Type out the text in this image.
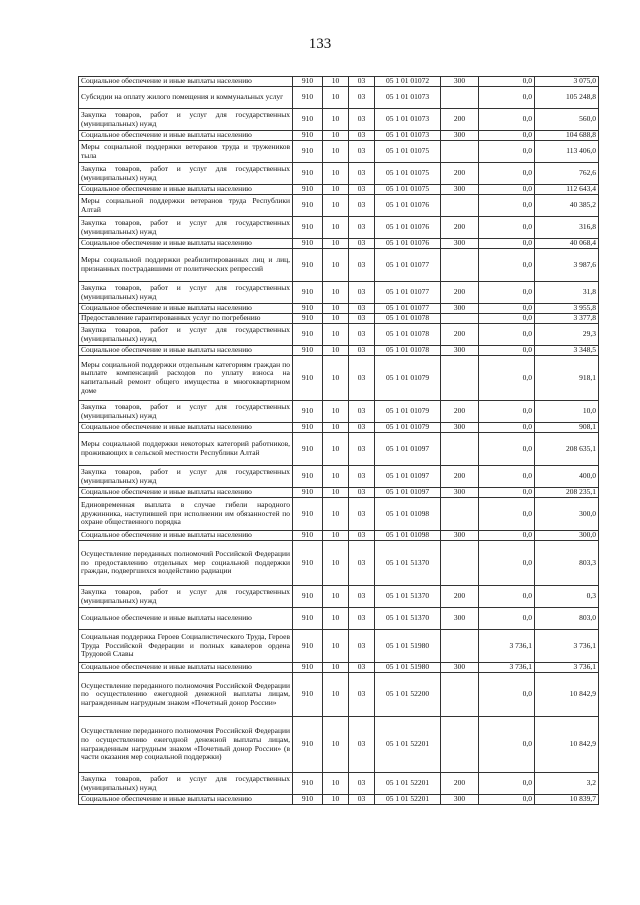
133
Социальное обеспечение и иные выплаты населению	910	10	03	05 1 01 01072	300	0,0	3 075,0
Субсидии на оплату жилого помещения и коммунальных услуг	910	10	03	05 1 01 01073		0,0	105 248,8
Закупка товаров, работ и услуг для государственных (муниципальных) нужд	910	10	03	05 1 01 01073	200	0,0	560,0
Социальное обеспечение и иные выплаты населению	910	10	03	05 1 01 01073	300	0,0	104 688,8
Меры социальной поддержки ветеранов труда и тружеников тыла	910	10	03	05 1 01 01075		0,0	113 406,0
Закупка товаров, работ и услуг для государственных (муниципальных) нужд	910	10	03	05 1 01 01075	200	0,0	762,6
Социальное обеспечение и иные выплаты населению	910	10	03	05 1 01 01075	300	0,0	112 643,4
Меры социальной поддержки ветеранов труда Республики Алтай	910	10	03	05 1 01 01076		0,0	40 385,2
Закупка товаров, работ и услуг для государственных (муниципальных) нужд	910	10	03	05 1 01 01076	200	0,0	316,8
Социальное обеспечение и иные выплаты населению	910	10	03	05 1 01 01076	300	0,0	40 068,4
Меры социальной поддержки реабилитированных лиц и лиц, признанных пострадавшими от политических репрессий	910	10	03	05 1 01 01077		0,0	3 987,6
Закупка товаров, работ и услуг для государственных (муниципальных) нужд	910	10	03	05 1 01 01077	200	0,0	31,8
Социальное обеспечение и иные выплаты населению	910	10	03	05 1 01 01077	300	0,0	3 955,8
Предоставление гарантированных услуг по погребению	910	10	03	05 1 01 01078		0,0	3 377,8
Закупка товаров, работ и услуг для государственных (муниципальных) нужд	910	10	03	05 1 01 01078	200	0,0	29,3
Социальное обеспечение и иные выплаты населению	910	10	03	05 1 01 01078	300	0,0	3 348,5
Меры социальной поддержки отдельным категориям граждан по выплате компенсаций расходов по уплату взноса на капитальный ремонт общего имущества в многоквартирном доме	910	10	03	05 1 01 01079		0,0	918,1
Закупка товаров, работ и услуг для государственных (муниципальных) нужд	910	10	03	05 1 01 01079	200	0,0	10,0
Социальное обеспечение и иные выплаты населению	910	10	03	05 1 01 01079	300	0,0	908,1
Меры социальной поддержки некоторых категорий работников, проживающих в сельской местности Республики Алтай	910	10	03	05 1 01 01097		0,0	208 635,1
Закупка товаров, работ и услуг для государственных (муниципальных) нужд	910	10	03	05 1 01 01097	200	0,0	400,0
Социальное обеспечение и иные выплаты населению	910	10	03	05 1 01 01097	300	0,0	208 235,1
Единовременная выплата в случае гибели народного дружинника, наступившей при исполнении им обязанностей по охране общественного порядка	910	10	03	05 1 01 01098		0,0	300,0
Социальное обеспечение и иные выплаты населению	910	10	03	05 1 01 01098	300	0,0	300,0
Осуществление переданных полномочий Российской Федерации по предоставлению отдельных мер социальной поддержки граждан, подвергшихся воздействию радиации	910	10	03	05 1 01 51370		0,0	803,3
Закупка товаров, работ и услуг для государственных (муниципальных) нужд	910	10	03	05 1 01 51370	200	0,0	0,3
Социальное обеспечение и иные выплаты населению	910	10	03	05 1 01 51370	300	0,0	803,0
Социальная поддержка Героев Социалистического Труда, Героев Труда Российской Федерации и полных кавалеров ордена Трудовой Славы	910	10	03	05 1 01 51980		3 736,1	3 736,1
Социальное обеспечение и иные выплаты населению	910	10	03	05 1 01 51980	300	3 736,1	3 736,1
Осуществление переданного полномочия Российской Федерации по осуществлению ежегодной денежной выплаты лицам, награжденным нагрудным знаком «Почетный донор России»	910	10	03	05 1 01 52200		0,0	10 842,9
Осуществление переданного полномочия Российской Федерации по осуществлению ежегодной денежной выплаты лицам, награжденным нагрудным знаком «Почетный донор России» (в части оказания мер социальной поддержки)	910	10	03	05 1 01 52201		0,0	10 842,9
Закупка товаров, работ и услуг для государственных (муниципальных) нужд	910	10	03	05 1 01 52201	200	0,0	3,2
Социальное обеспечение и иные выплаты населению	910	10	03	05 1 01 52201	300	0,0	10 839,7
